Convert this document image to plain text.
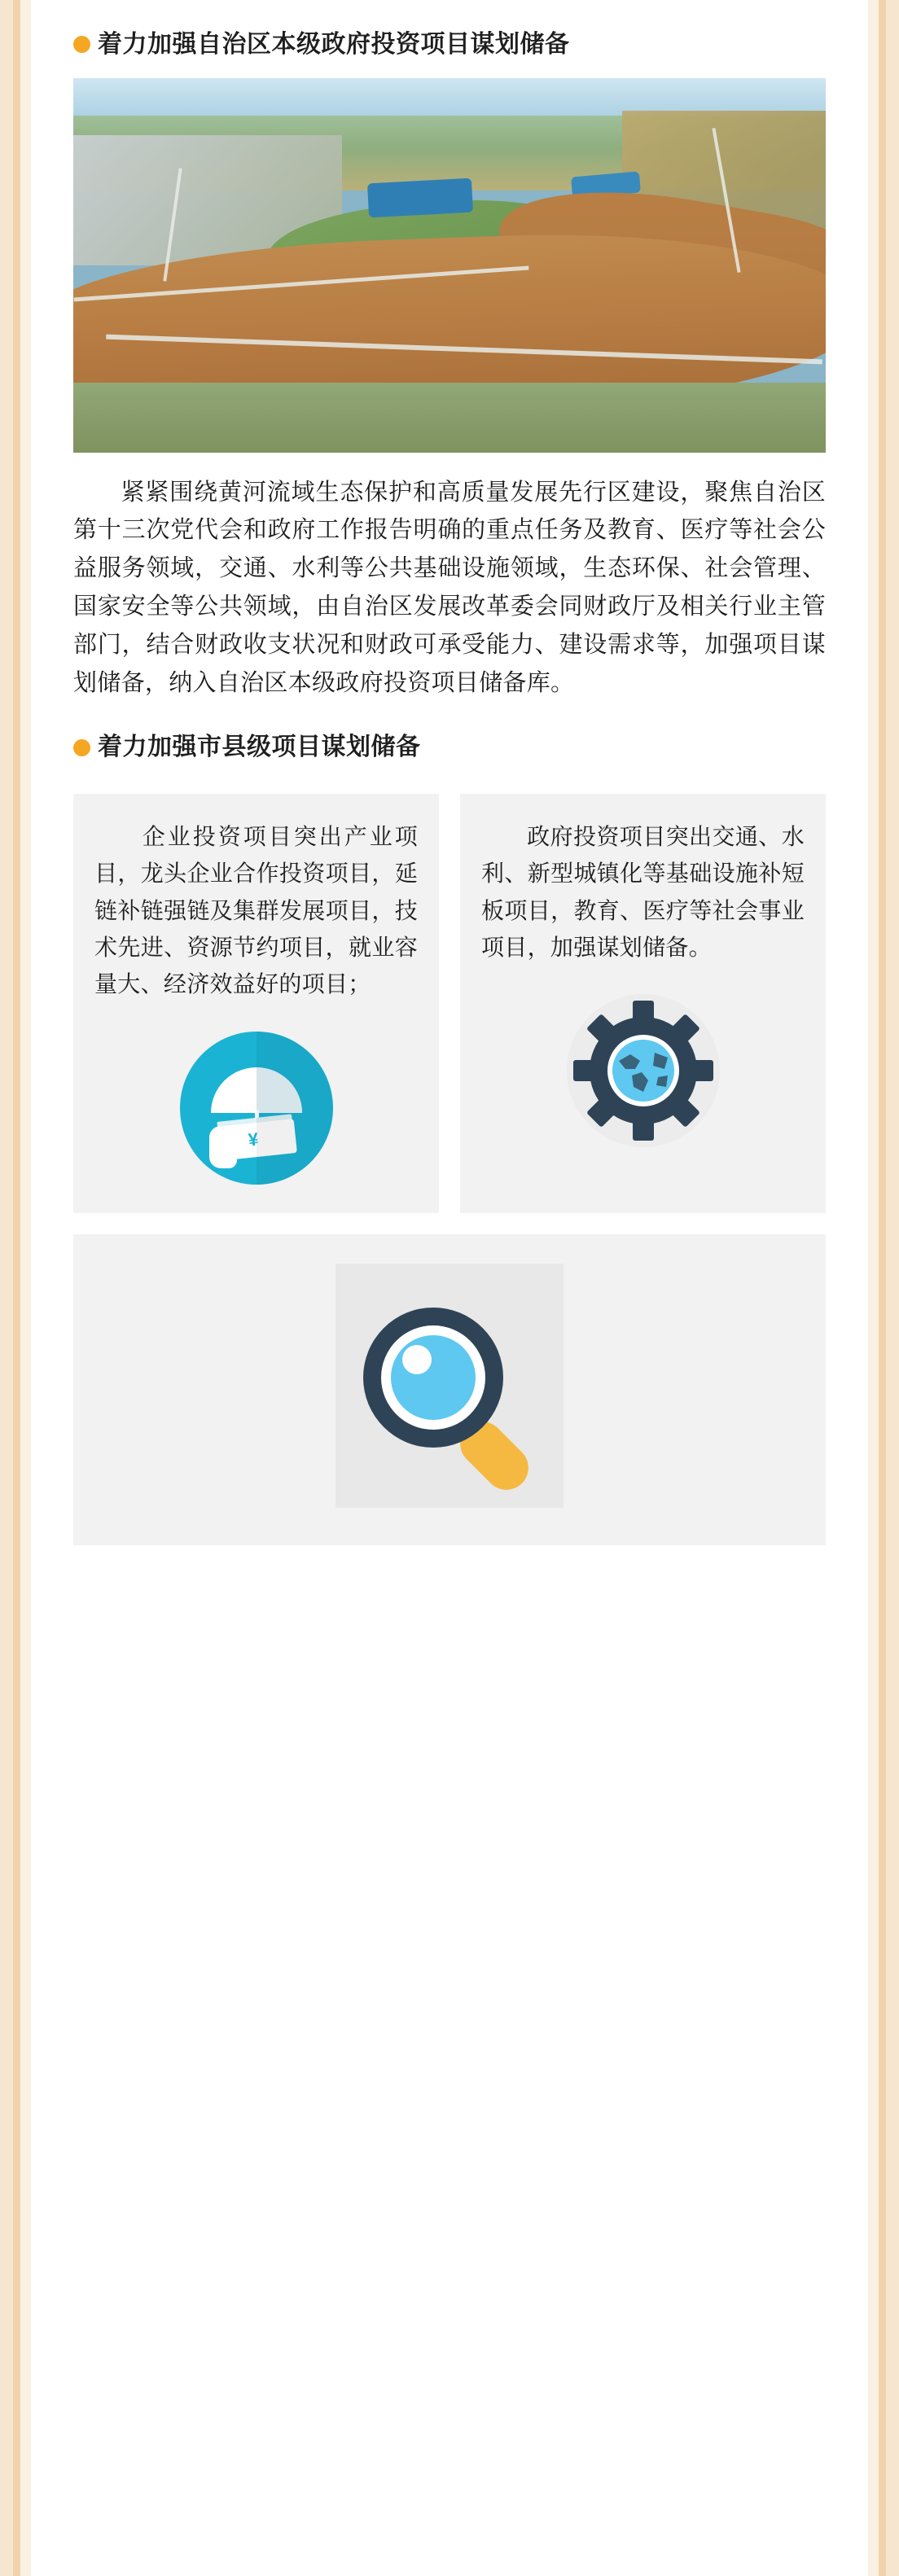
着力加强自治区本级政府投资项目谋划储备

紧紧围绕黄河流域生态保护和高质量发展先行区建设，聚焦自治区第十三次党代会和政府工作报告明确的重点任务及教育、医疗等社会公益服务领域，交通、水利等公共基础设施领域，生态环保、社会管理、国家安全等公共领域，由自治区发展改革委会同财政厅及相关行业主管部门，结合财政收支状况和财政可承受能力、建设需求等，加强项目谋划储备，纳入自治区本级政府投资项目储备库。

着力加强市县级项目谋划储备
企业投资项目突出产业项目，龙头企业合作投资项目，延链补链强链及集群发展项目，技术先进、资源节约项目，就业容量大、经济效益好的项目；
¥
政府投资项目突出交通、水利、新型城镇化等基础设施补短板项目，教育、医疗等社会事业项目，加强谋划储备。
